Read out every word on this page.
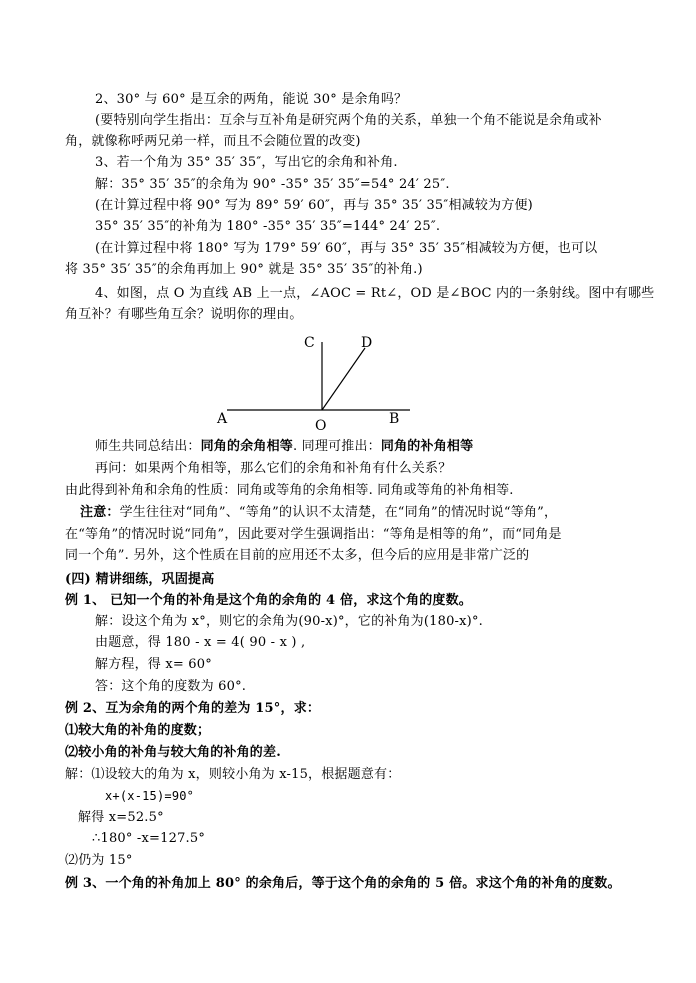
2、30° 与 60° 是互余的两角，能说 30° 是余角吗？
(要特别向学生指出：互余与互补角是研究两个角的关系，单独一个角不能说是余角或补
角，就像称呼两兄弟一样，而且不会随位置的改变)
3、若一个角为 35° 35′ 35″，写出它的余角和补角.
解：35° 35′ 35″的余角为 90° -35° 35′ 35″=54° 24′ 25″.
(在计算过程中将 90° 写为 89° 59′ 60″，再与 35° 35′ 35″相减较为方便)
35° 35′ 35″的补角为 180° -35° 35′ 35″=144° 24′ 25″.
(在计算过程中将 180° 写为 179° 59′ 60″，再与 35° 35′ 35″相减较为方便，也可以
将 35° 35′ 35″的余角再加上 90° 就是 35° 35′ 35″的补角.)
4、如图，点 O 为直线 AB 上一点，∠AOC = Rt∠，OD 是∠BOC 内的一条射线。图中有哪些
角互补？有哪些角互余？说明你的理由。
A	B
C	D
O
师生共同总结出：同角的余角相等. 同理可推出：同角的补角相等
再问：如果两个角相等，那么它们的余角和补角有什么关系？
由此得到补角和余角的性质：同角或等角的余角相等. 同角或等角的补角相等.
注意：学生往往对“同角”、“等角”的认识不太清楚，在“同角”的情况时说“等角”，
在“等角”的情况时说“同角”，因此要对学生强调指出：“等角是相等的角”，而“同角是
同一个角”. 另外，这个性质在目前的应用还不太多，但今后的应用是非常广泛的
(四) 精讲细练，巩固提高
例 1、 已知一个角的补角是这个角的余角的 4 倍，求这个角的度数。
解：设这个角为 x°，则它的余角为(90-x)°，它的补角为(180-x)°.
由题意，得 180 - x = 4( 90 - x ) ,
解方程，得 x= 60°
答：这个角的度数为 60°.
例 2、互为余角的两个角的差为 15°，求：
⑴较大角的补角的度数；
⑵较小角的补角与较大角的补角的差.
解：⑴设较大的角为 x，则较小角为 x-15，根据题意有：
x+(x-15)=90°
解得 x=52.5°
∴180° -x=127.5°
⑵仍为 15°
例 3、一个角的补角加上 80° 的余角后，等于这个角的余角的 5 倍。求这个角的补角的度数。
